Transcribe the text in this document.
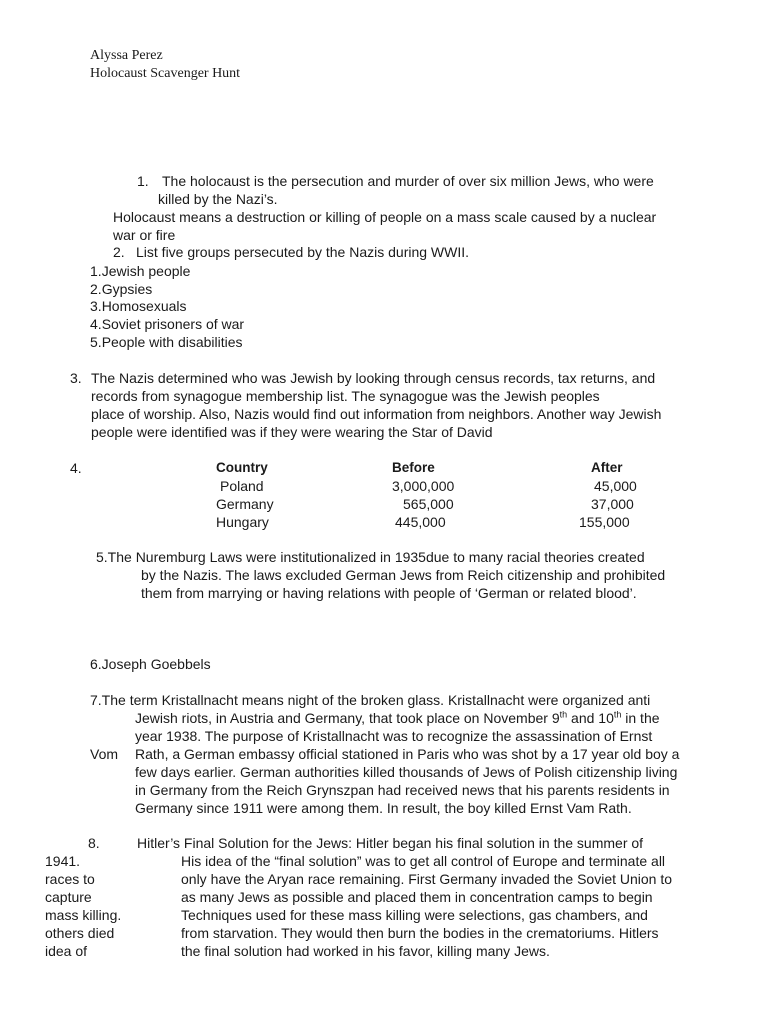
Alyssa Perez
Holocaust Scavenger Hunt
1. The holocaust is the persecution and murder of over six million Jews, who were
killed by the Nazi’s.
Holocaust means a destruction or killing of people on a mass scale caused by a nuclear
war or fire
2. List five groups persecuted by the Nazis during WWII.
1.Jewish people
2.Gypsies
3.Homosexuals
4.Soviet prisoners of war
5.People with disabilities
3. The Nazis determined who was Jewish by looking through census records, tax returns, and
records from synagogue membership list. The synagogue was the Jewish peoples
place of worship. Also, Nazis would find out information from neighbors. Another way Jewish
people were identified was if they were wearing the Star of David
4.	Country	Before	After
Poland	3,000,000	45,000
Germany	565,000	37,000
Hungary	445,000	155,000
5.The Nuremburg Laws were institutionalized in 1935due to many racial theories created
by the Nazis. The laws excluded German Jews from Reich citizenship and prohibited
them from marrying or having relations with people of ‘German or related blood’.
6.Joseph Goebbels
7.The term Kristallnacht means night of the broken glass. Kristallnacht were organized anti
Jewish riots, in Austria and Germany, that took place on November 9th and 10th in the
year 1938. The purpose of Kristallnacht was to recognize the assassination of Ernst
Vom Rath, a German embassy official stationed in Paris who was shot by a 17 year old boy a
few days earlier. German authorities killed thousands of Jews of Polish citizenship living
in Germany from the Reich Grynszpan had received news that his parents residents in
Germany since 1911 were among them. In result, the boy killed Ernst Vam Rath.
8.	Hitler’s Final Solution for the Jews: Hitler began his final solution in the summer of
1941.
races to
capture
mass killing.
others died
idea of
His idea of the “final solution” was to get all control of Europe and terminate all
only have the Aryan race remaining. First Germany invaded the Soviet Union to
as many Jews as possible and placed them in concentration camps to begin
Techniques used for these mass killing were selections, gas chambers, and
from starvation. They would then burn the bodies in the crematoriums. Hitlers
the final solution had worked in his favor, killing many Jews.
